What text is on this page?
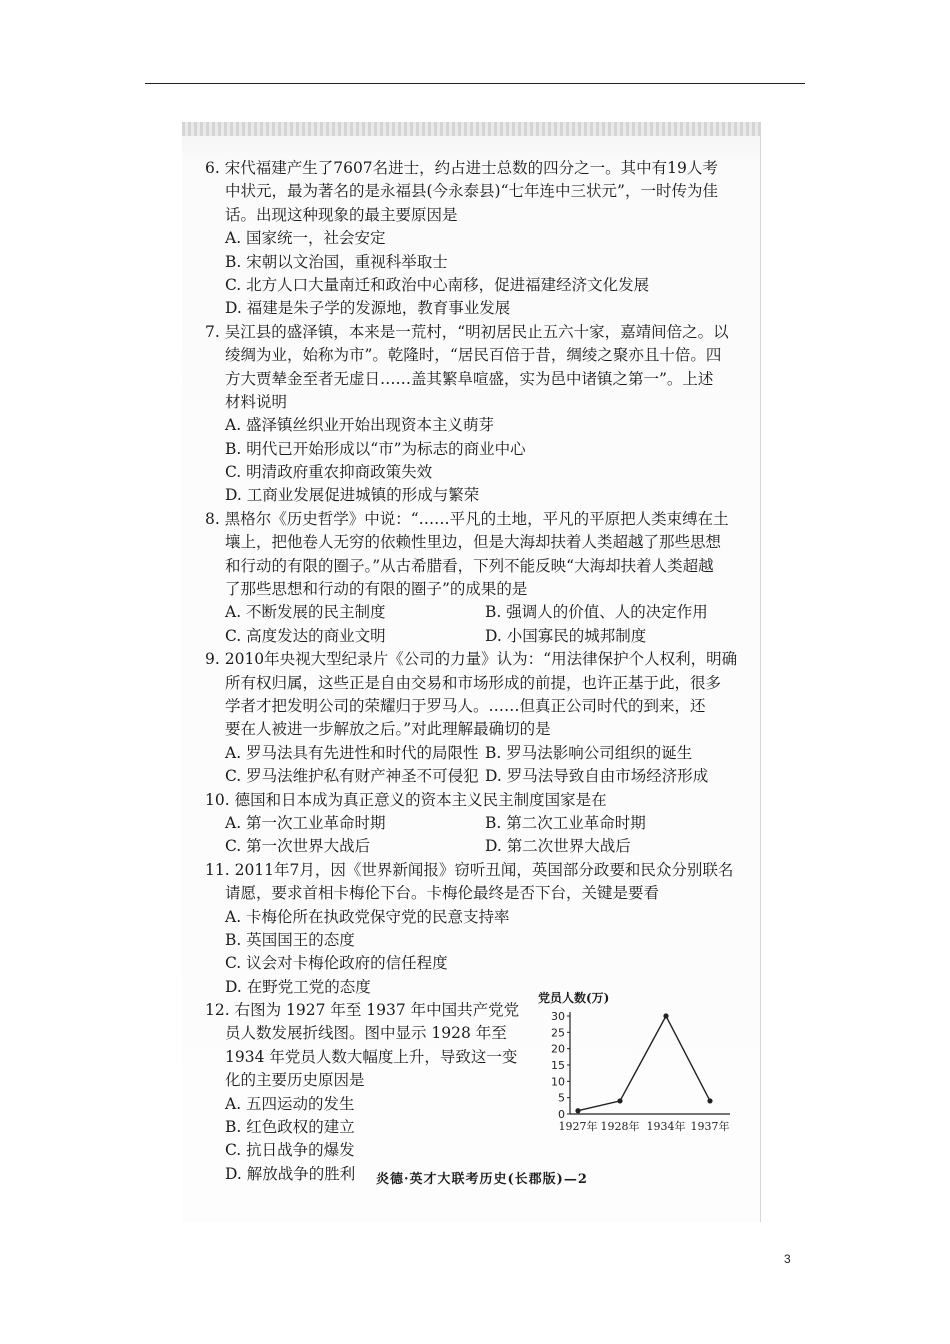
6. 宋代福建产生了7607名进士，约占进士总数的四分之一。其中有19人考
中状元，最为著名的是永福县(今永泰县)“七年连中三状元”，一时传为佳
话。出现这种现象的最主要原因是
A. 国家统一，社会安定
B. 宋朝以文治国，重视科举取士
C. 北方人口大量南迁和政治中心南移，促进福建经济文化发展
D. 福建是朱子学的发源地，教育事业发展
7. 吴江县的盛泽镇，本来是一荒村，“明初居民止五六十家，嘉靖间倍之。以
绫绸为业，始称为市”。乾隆时，“居民百倍于昔，绸绫之聚亦且十倍。四
方大贾辇金至者无虚日……盖其繁阜喧盛，实为邑中诸镇之第一”。上述
材料说明
A. 盛泽镇丝织业开始出现资本主义萌芽
B. 明代已开始形成以“市”为标志的商业中心
C. 明清政府重农抑商政策失效
D. 工商业发展促进城镇的形成与繁荣
8. 黑格尔《历史哲学》中说：“……平凡的土地，平凡的平原把人类束缚在土
壤上，把他卷人无穷的依赖性里边，但是大海却扶着人类超越了那些思想
和行动的有限的圈子。”从古希腊看，下列不能反映“大海却扶着人类超越
了那些思想和行动的有限的圈子”的成果的是
A. 不断发展的民主制度	B. 强调人的价值、人的决定作用
C. 高度发达的商业文明	D. 小国寡民的城邦制度
9. 2010年央视大型纪录片《公司的力量》认为：“用法律保护个人权利，明确
所有权归属，这些正是自由交易和市场形成的前提，也许正基于此，很多
学者才把发明公司的荣耀归于罗马人。……但真正公司时代的到来，还
要在人被进一步解放之后。”对此理解最确切的是
A. 罗马法具有先进性和时代的局限性 B. 罗马法影响公司组织的诞生
C. 罗马法维护私有财产神圣不可侵犯 D. 罗马法导致自由市场经济形成
10. 德国和日本成为真正意义的资本主义民主制度国家是在
A. 第一次工业革命时期	B. 第二次工业革命时期
C. 第一次世界大战后	D. 第二次世界大战后
11. 2011年7月，因《世界新闻报》窃听丑闻，英国部分政要和民众分别联名
请愿，要求首相卡梅伦下台。卡梅伦最终是否下台，关键是要看
A. 卡梅伦所在执政党保守党的民意支持率
B. 英国国王的态度
C. 议会对卡梅伦政府的信任程度
D. 在野党工党的态度
12. 右图为 1927 年至 1937 年中国共产党党
员人数发展折线图。图中显示 1928 年至
1934 年党员人数大幅度上升，导致这一变
化的主要历史原因是
A. 五四运动的发生
B. 红色政权的建立
C. 抗日战争的爆发
D. 解放战争的胜利
党员人数(万)
0
5
10
15
20
25
30
1927年 1928年 1934年 1937年
炎德·英才大联考历史(长郡版)—2
3
